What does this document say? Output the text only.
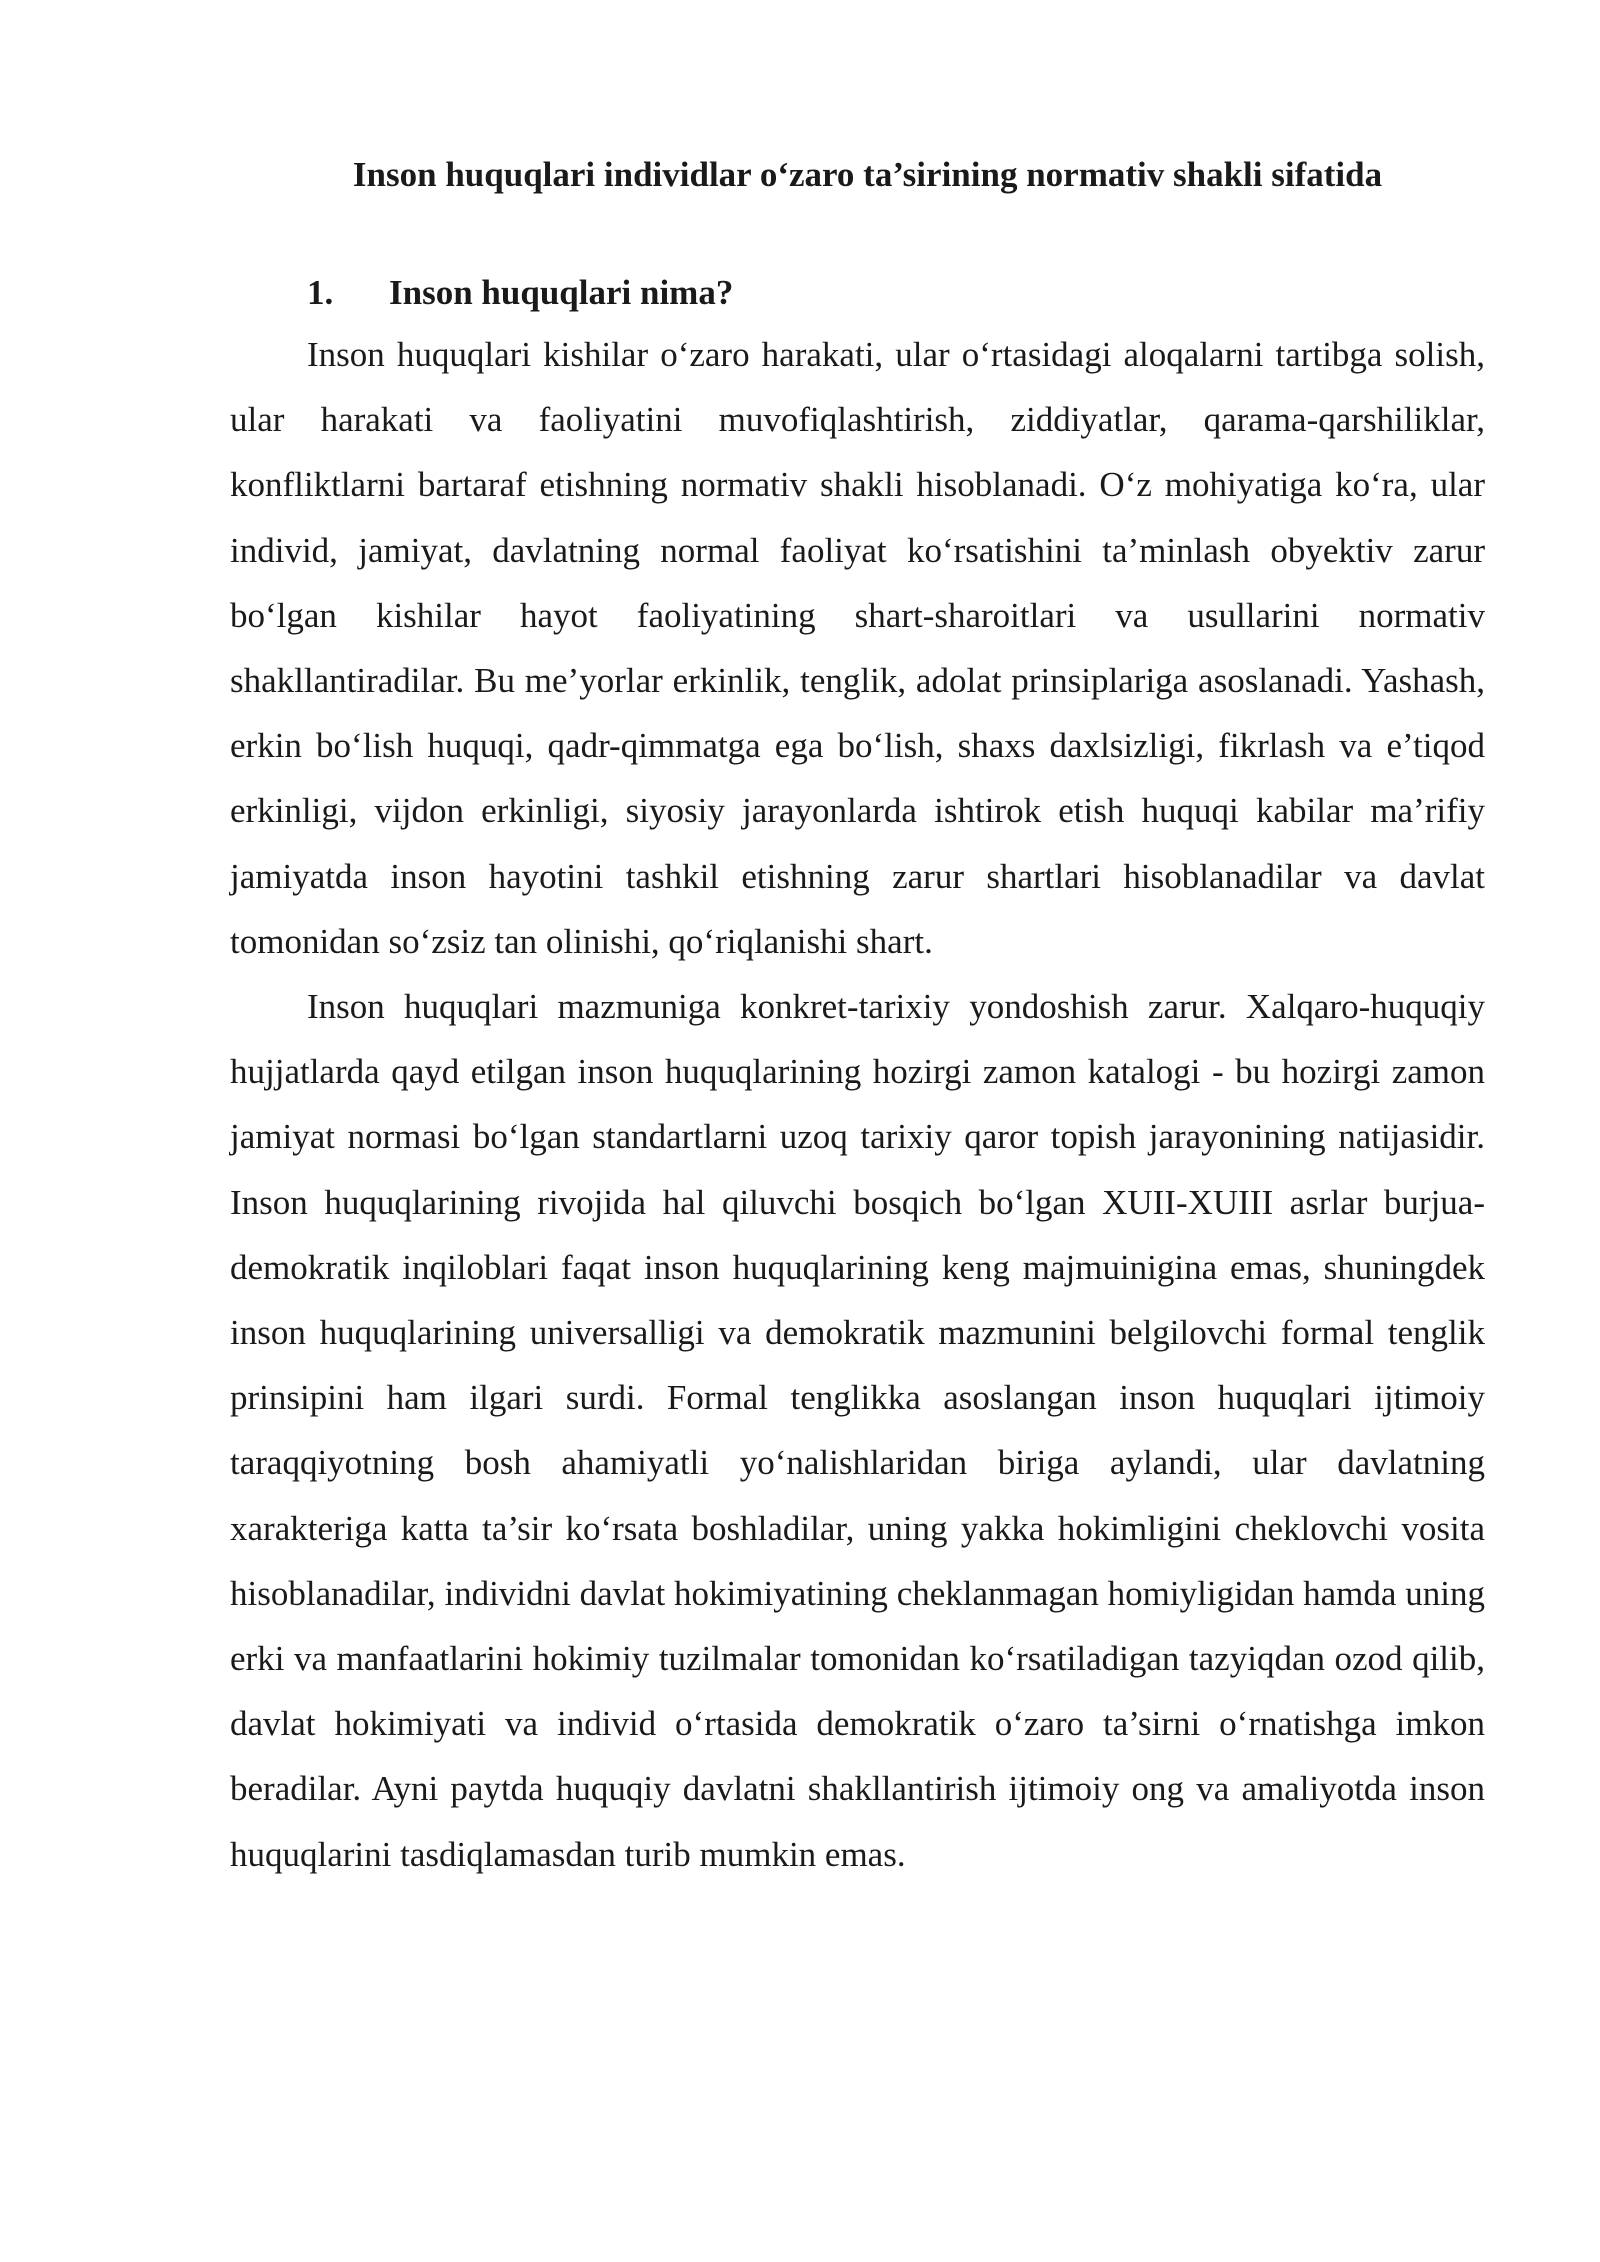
Inson huquqlari individlar o‘zaro ta’sirining normativ shakli sifatida
1. Inson huquqlari nima?

Inson huquqlari kishilar o‘zaro harakati, ular o‘rtasidagi aloqalarni tartibga solish, ular harakati va faoliyatini muvofiqlashtirish, ziddiyatlar, qarama-qarshiliklar, konfliktlarni bartaraf etishning normativ shakli hisoblanadi. O‘z mohiyatiga ko‘ra, ular individ, jamiyat, davlatning normal faoliyat ko‘rsatishini ta’minlash obyektiv zarur bo‘lgan kishilar hayot faoliyatining shart-sharoitlari va usullarini normativ shakllantiradilar. Bu me’yorlar erkinlik, tenglik, adolat prinsiplariga asoslanadi. Yashash, erkin bo‘lish huquqi, qadr-qimmatga ega bo‘lish, shaxs daxlsizligi, fikrlash va e’tiqod erkinligi, vijdon erkinligi, siyosiy jarayonlarda ishtirok etish huquqi kabilar ma’rifiy jamiyatda inson hayotini tashkil etishning zarur shartlari hisoblanadilar va davlat tomonidan so‘zsiz tan olinishi, qo‘riqlanishi shart.

Inson huquqlari mazmuniga konkret-tarixiy yondoshish zarur. Xalqaro-huquqiy hujjatlarda qayd etilgan inson huquqlarining hozirgi zamon katalogi - bu hozirgi zamon jamiyat normasi bo‘lgan standartlarni uzoq tarixiy qaror topish jarayonining natijasidir. Inson huquqlarining rivojida hal qiluvchi bosqich bo‘lgan XUII-XUIII asrlar burjua-demokratik inqiloblari faqat inson huquqlarining keng majmuinigina emas, shuningdek inson huquqlarining universalligi va demokratik mazmunini belgilovchi formal tenglik prinsipini ham ilgari surdi. Formal tenglikka asoslangan inson huquqlari ijtimoiy taraqqiyotning bosh ahamiyatli yo‘nalishlaridan biriga aylandi, ular davlatning xarakteriga katta ta’sir ko‘rsata boshladilar, uning yakka hokimligini cheklovchi vosita hisoblanadilar, individni davlat hokimiyatining cheklanmagan homiyligidan hamda uning erki va manfaatlarini hokimiy tuzilmalar tomonidan ko‘rsatiladigan tazyiqdan ozod qilib, davlat hokimiyati va individ o‘rtasida demokratik o‘zaro ta’sirni o‘rnatishga imkon beradilar. Ayni paytda huquqiy davlatni shakllantirish ijtimoiy ong va amaliyotda inson huquqlarini tasdiqlamasdan turib mumkin emas.
